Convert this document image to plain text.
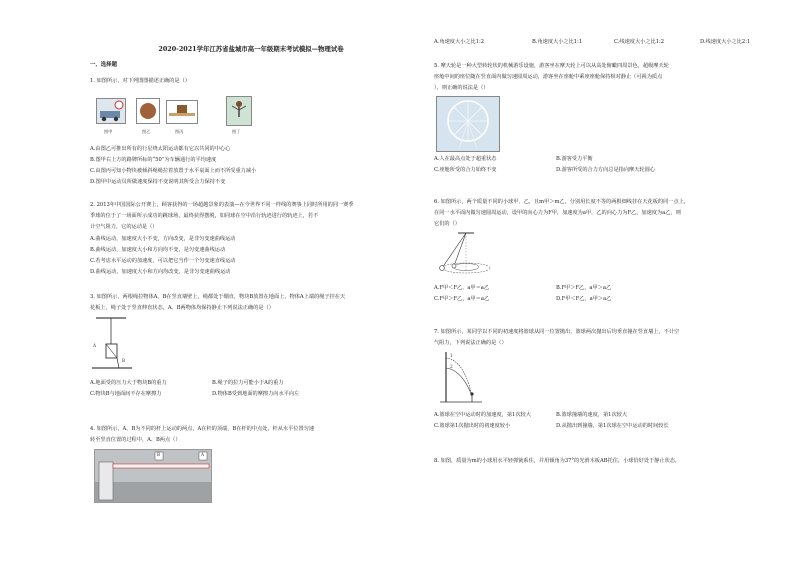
2020-2021学年江苏省盐城市高一年级期末考试模拟—物理试卷
一、选择题
1. 如图所示，对下列图图描述正确的是（）
图甲	图乙	图丙	图丁
A.由图乙可推出所有的行星绕太阳运动都有它以共同的中心心
B.图甲右上方的路牌所标的“50”为车辆通行的平均速度
C.由图丙可知小物块被倾斜绳绳拉着放置于水平桌面上而不所受重力减小
D.图甲中运动员所做速度保持不变说明其所受合力保持不变
2. 2013年中国国际公开赛上，顾客获得的一场超越景象的表演—在今世界不同一样线的赛事上同时所用的同一赛季
季球的位于了一场面所示成功的跳球场，最终获得摆脱，如同球在空中沿行轨迹进行的轨迹上，若不
计空气阻力，它的运动是（）
A.曲线运动，加速度大小不变，方向改变，是非匀变速曲线运动
B.曲线运动，加速度大小和方向均不变，是匀变速曲线运动
C.若考虑水平运动的加速度，可以把它当作一个匀变速直线运动
D.曲线运动，加速度大小和方向均改变，是非匀变速曲线运动
3. 如图所示，两根绳拉物体A、B在竖直墙壁上，绳都处于绷直，物块B放置在地面上，物体A上端的绳子挂在天
花板上，绳子处于竖直伸直状态，A、B两物体均保持静止下列说法正确的是（）
A
B
A.地面受的压力大于物块B的重力	B.绳子的拉力可能小于A的重力
C.物块B与地面间不存在摩擦力	D.物体B受到地面的摩擦力向水平向左
4. 如图所示，A、B为不同的杆上运动的两点，A在杆的顶端，B在杆的中点处，杆从水平位置匀速
转至竖直位置的过程中，A、B两点（）
B	A
A.角速度大小之比1:2	B.角速度大小之比1:1	C.线速度大小之比1:2	D.线速度大小之比2:1
5. 摩天轮是一种大型转轮状的机械游乐设施，游客坐在摩天轮上可以从高处俯瞰四周景色，超级摩天轮
座舱中间的座位随在竖直面内做匀速圆周运动，游客坐在座舱中乘座座舱保持相对静止（可视为质点
），则正确的说法是（）
A.人在最高点处于超重状态	B.游客受力平衡
C.座舱所受的合力始终不变	D.游客所受的合力方向总是指向摩天轮圆心
6. 如图所示，两个质量不同的小球甲、乙，且m甲＞m乙，分别用长度不等的两根细线挂在天花板的同一点上，
在同一水平面内做匀速圆周运动，设甲的向心力为F甲，加速度为a甲，乙的向心力为F乙，加速度为a乙，则
它们的（）
A.F甲＜F乙，a甲＝a乙	B.F甲＞F乙，a甲＞a乙
C.F甲＞F乙，a甲＝a乙	D.F甲＜F乙，a甲＞a乙
7. 如图所示，某同学以不同的初速度将篮球从同一位置抛出，篮球两次抛出后均垂直撞在竖直墙上，不计空
气阻力，下列说法正确的是（）
1
2
A.篮球在空中运动时的加速度，第1次较大	B.篮球撞墙的速度，第1次较大
C.篮球第1次抛出时的初速度较小	D.从抛出到撞墙，第1次球在空中运动的时间较长
8. 如图，质量为m的小球用水平轻弹簧系住，并用倾角为37°的光滑木板AB托住，小球恰好处于静止状态，
